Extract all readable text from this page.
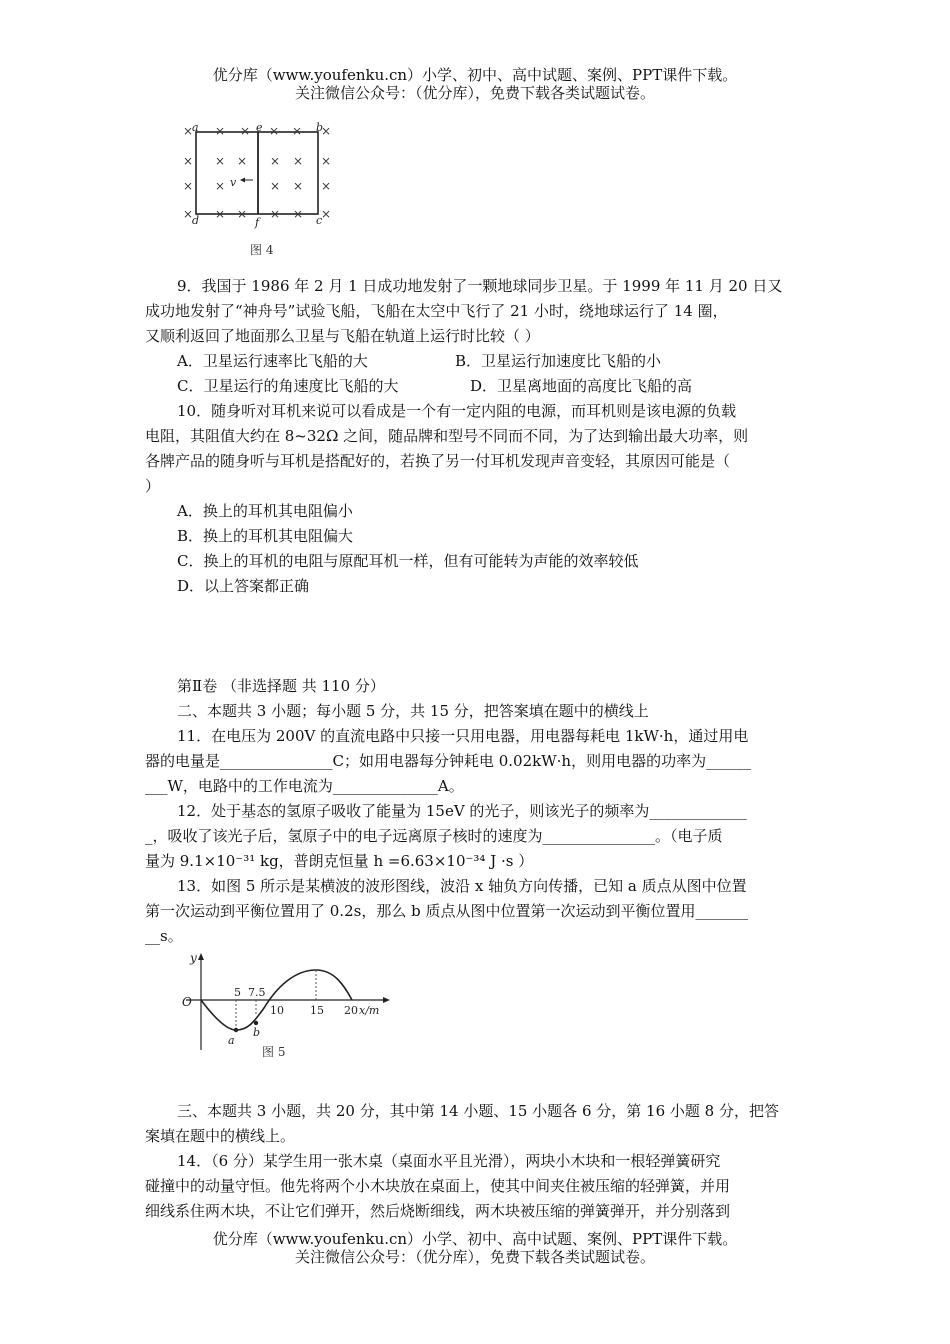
优分库（www.youfenku.cn）小学、初中、高中试题、案例、PPT课件下载。
关注微信公众号：（优分库），免费下载各类试题试卷。
× × × × × ×
× × × × × ×
× ×	× × ×
× × × × × ×
a	e	b
d	f	c
v
图 4
9．我国于 1986 年 2 月 1 日成功地发射了一颗地球同步卫星。于 1999 年 11 月 20 日又
成功地发射了“神舟号”试验飞船，飞船在太空中飞行了 21 小时，绕地球运行了 14 圈，
又顺利返回了地面那么卫星与飞船在轨道上运行时比较（ ）
A．卫星运行速率比飞船的大	B．卫星运行加速度比飞船的小
C．卫星运行的角速度比飞船的大	D．卫星离地面的高度比飞船的高
10．随身听对耳机来说可以看成是一个有一定内阻的电源，而耳机则是该电源的负载
电阻，其阻值大约在 8~32Ω 之间，随品牌和型号不同而不同，为了达到输出最大功率，则
各牌产品的随身听与耳机是搭配好的，若换了另一付耳机发现声音变轻，其原因可能是（
）
A．换上的耳机其电阻偏小
B．换上的耳机其电阻偏大
C．换上的耳机的电阻与原配耳机一样，但有可能转为声能的效率较低
D．以上答案都正确
第Ⅱ卷 （非选择题 共 110 分）
二、本题共 3 小题；每小题 5 分，共 15 分，把答案填在题中的横线上
11．在电压为 200V 的直流电路中只接一只用电器，用电器每耗电 1kW·h，通过用电
器的电量是_______________C；如用电器每分钟耗电 0.02kW·h，则用电器的功率为______
___W，电路中的工作电流为______________A。
12．处于基态的氢原子吸收了能量为 15eV 的光子，则该光子的频率为_____________
_，吸收了该光子后，氢原子中的电子远离原子核时的速度为_______________。（电子质
量为 9.1×10⁻³¹ kg，普朗克恒量 h =6.63×10⁻³⁴ J ·s ）
13．如图 5 所示是某横波的波形图线，波沿 x 轴负方向传播，已知 a 质点从图中位置
第一次运动到平衡位置用了 0.2s，那么 b 质点从图中位置第一次运动到平衡位置用_______
__s。
三、本题共 3 小题，共 20 分，其中第 14 小题、15 小题各 6 分，第 16 小题 8 分，把答
案填在题中的横线上。
14．（6 分）某学生用一张木桌（桌面水平且光滑），两块小木块和一根轻弹簧研究
碰撞中的动量守恒。他先将两个小木块放在桌面上，使其中间夹住被压缩的轻弹簧，并用
细线系住两木块，不让它们弹开，然后烧断细线，两木块被压缩的弹簧弹开，并分别落到
y
O
5 7.5
10 15 20 x/m
a
b
图 5
优分库（www.youfenku.cn）小学、初中、高中试题、案例、PPT课件下载。
关注微信公众号：（优分库），免费下载各类试题试卷。
